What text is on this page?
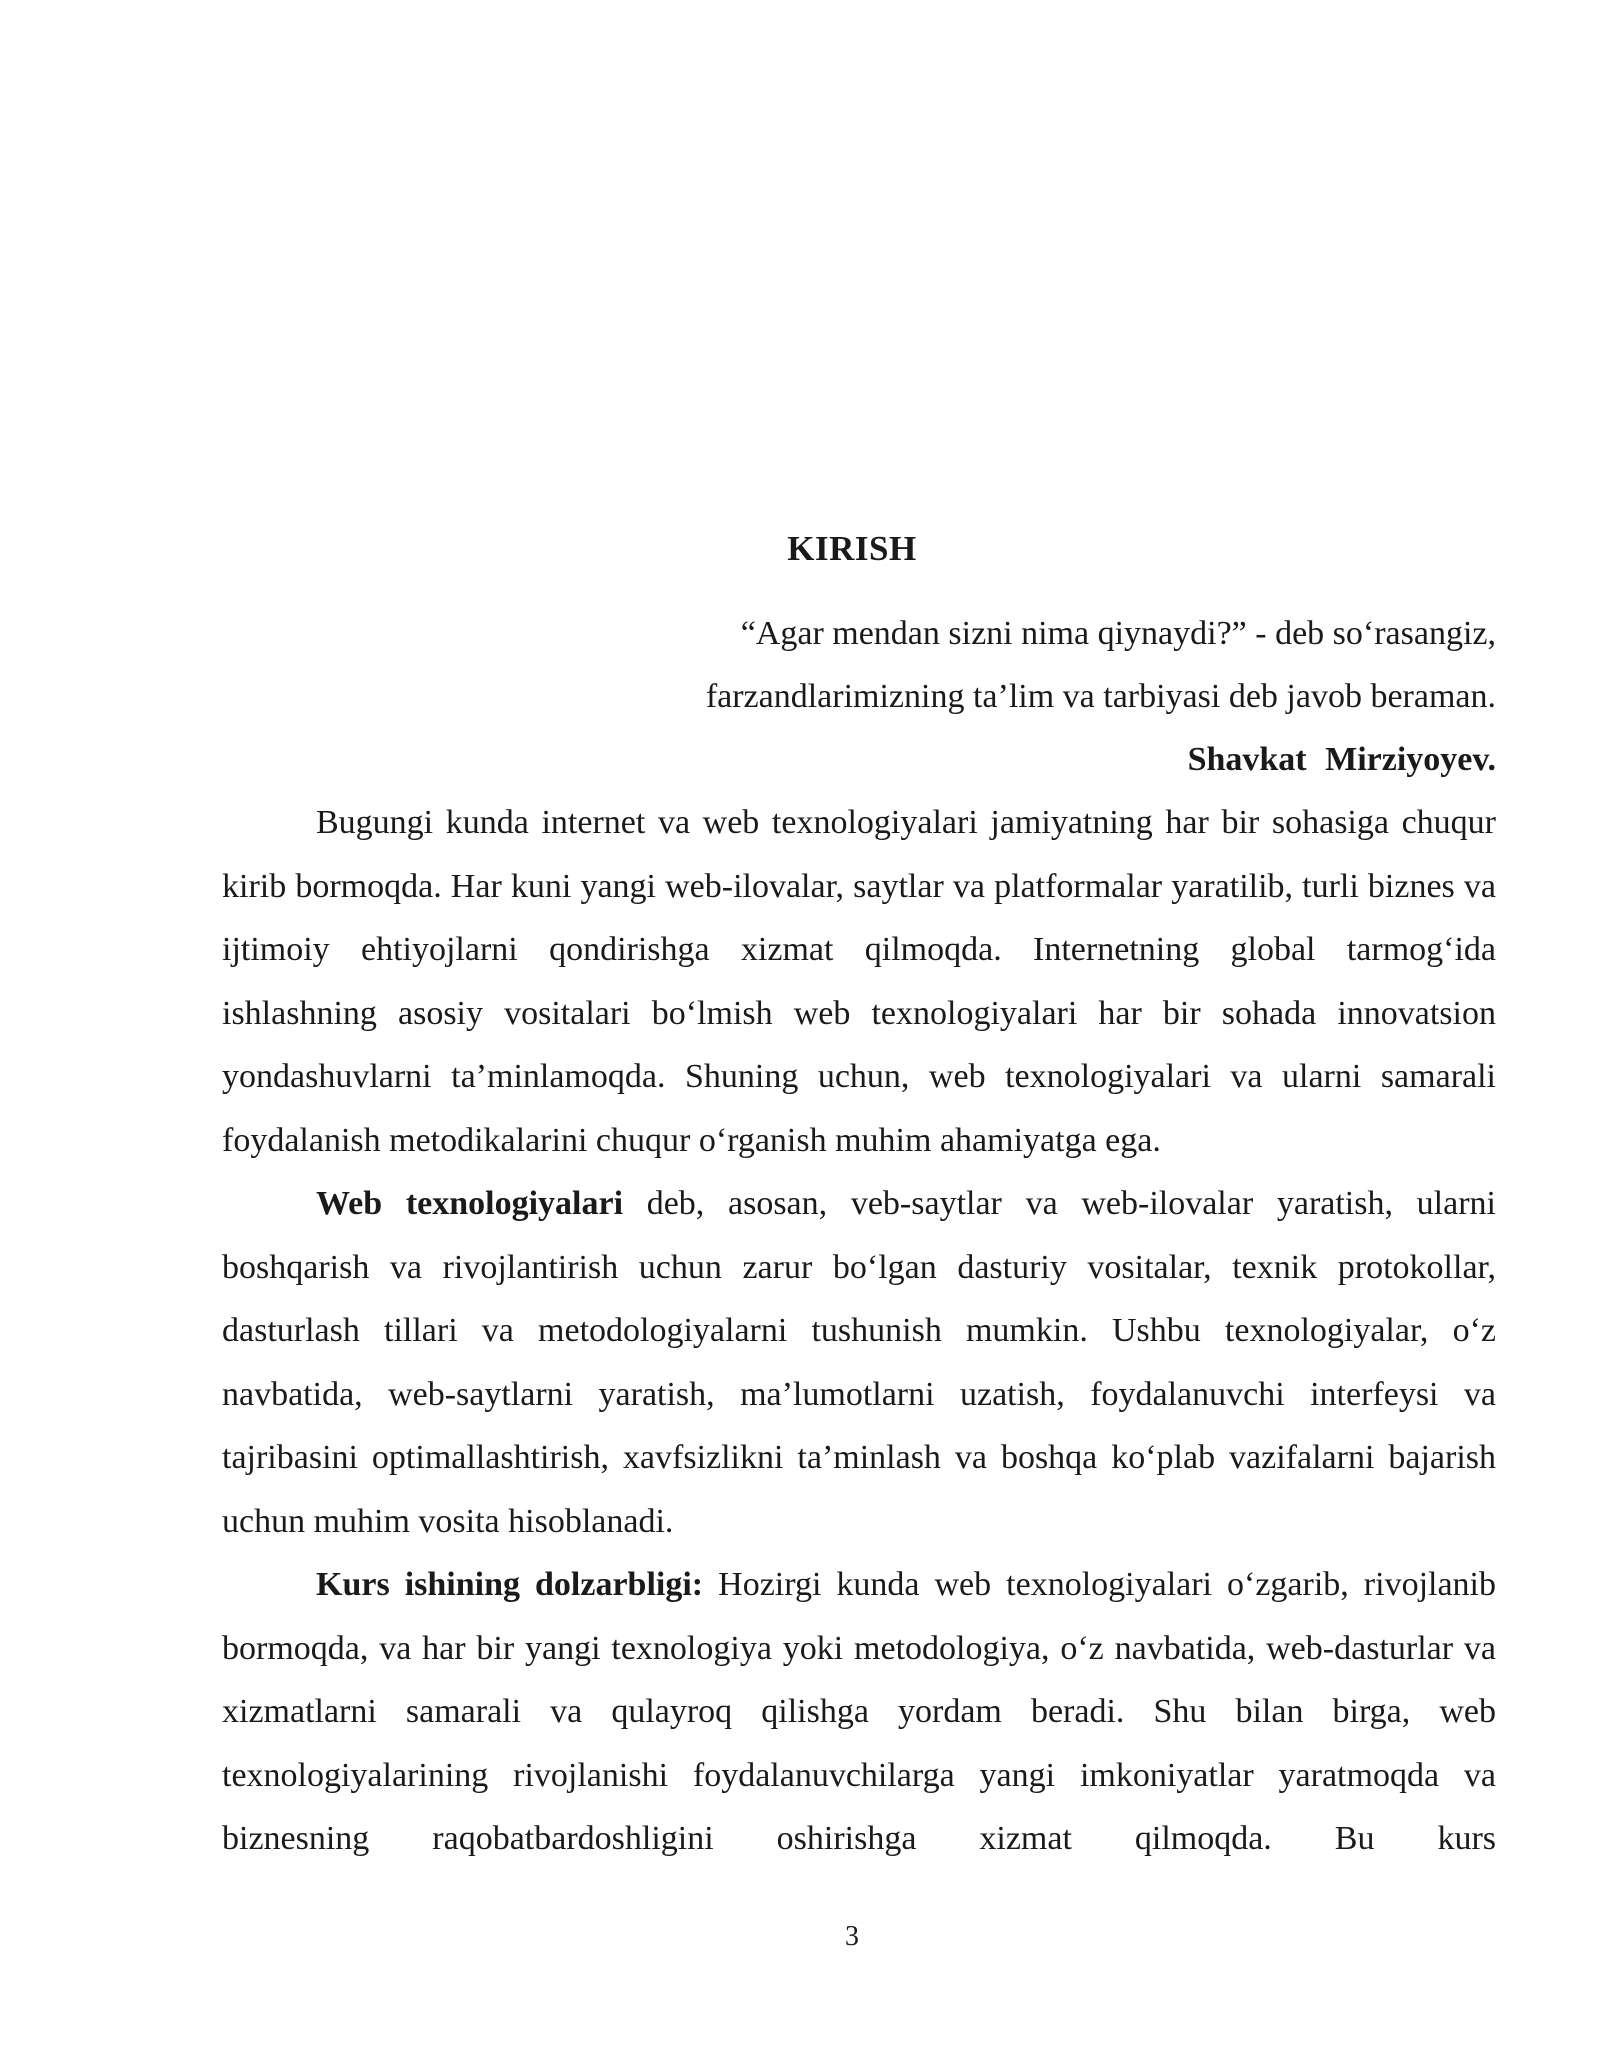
KIRISH
“Agar mendan sizni nima qiynaydi?” - deb so‘rasangiz,
farzandlarimizning ta’lim va tarbiyasi deb javob beraman.
Shavkat Mirziyoyev.

Bugungi kunda internet va web texnologiyalari jamiyatning har bir sohasiga chuqur kirib bormoqda. Har kuni yangi web-ilovalar, saytlar va platformalar yaratilib, turli biznes va ijtimoiy ehtiyojlarni qondirishga xizmat qilmoqda. Internetning global tarmog‘ida ishlashning asosiy vositalari bo‘lmish web texnologiyalari har bir sohada innovatsion yondashuvlarni ta’minlamoqda. Shuning uchun, web texnologiyalari va ularni samarali foydalanish metodikalarini chuqur o‘rganish muhim ahamiyatga ega.

Web texnologiyalari deb, asosan, veb-saytlar va web-ilovalar yaratish, ularni boshqarish va rivojlantirish uchun zarur bo‘lgan dasturiy vositalar, texnik protokollar, dasturlash tillari va metodologiyalarni tushunish mumkin. Ushbu texnologiyalar, o‘z navbatida, web-saytlarni yaratish, ma’lumotlarni uzatish, foydalanuvchi interfeysi va tajribasini optimallashtirish, xavfsizlikni ta’minlash va boshqa ko‘plab vazifalarni bajarish uchun muhim vosita hisoblanadi.

Kurs ishining dolzarbligi: Hozirgi kunda web texnologiyalari o‘zgarib, rivojlanib bormoqda, va har bir yangi texnologiya yoki metodologiya, o‘z navbatida, web-dasturlar va xizmatlarni samarali va qulayroq qilishga yordam beradi. Shu bilan birga, web texnologiyalarining rivojlanishi foydalanuvchilarga yangi imkoniyatlar yaratmoqda va biznesning raqobatbardoshligini oshirishga xizmat qilmoqda. Bu kurs

3
